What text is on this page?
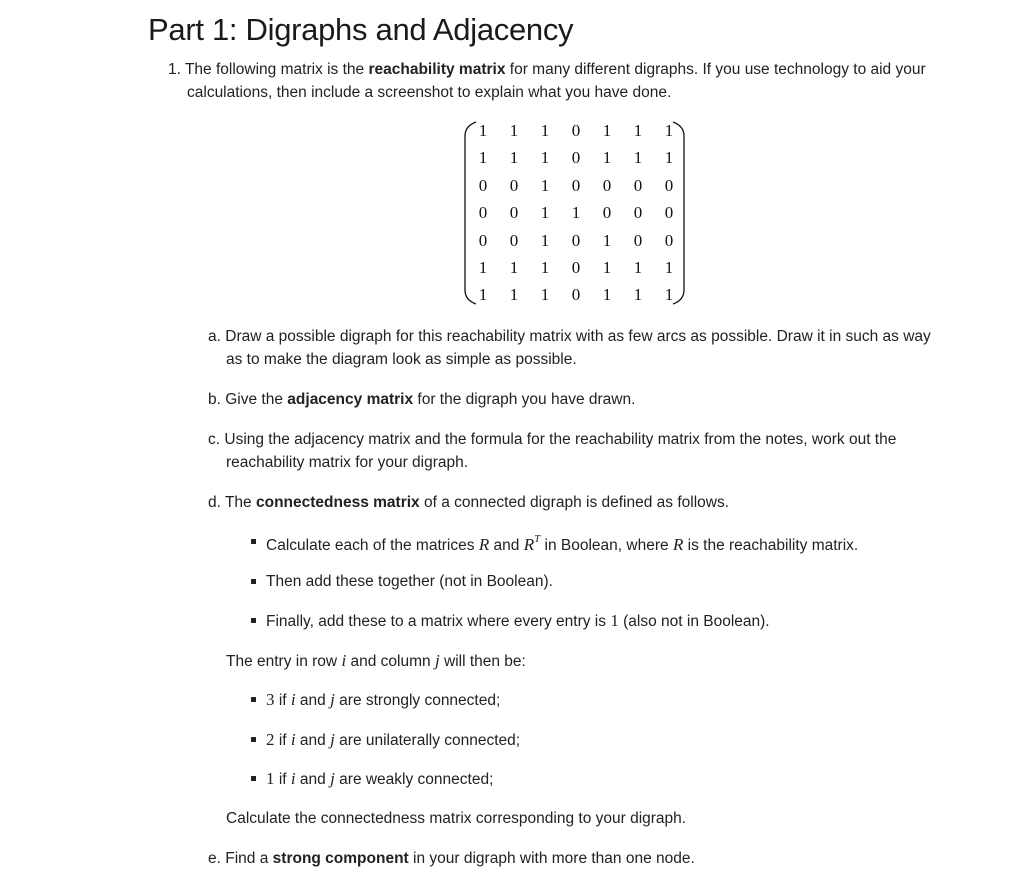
Part 1: Digraphs and Adjacency
1. The following matrix is the reachability matrix for many different digraphs. If you use technology to aid your
calculations, then include a screenshot to explain what you have done.
1	1	1	0	1	1	1
1	1	1	0	1	1	1
0	0	1	0	0	0	0
0	0	1	1	0	0	0
0	0	1	0	1	0	0
1	1	1	0	1	1	1
1	1	1	0	1	1	1
a. Draw a possible digraph for this reachability matrix with as few arcs as possible. Draw it in such as way
as to make the diagram look as simple as possible.
b. Give the adjacency matrix for the digraph you have drawn.
c. Using the adjacency matrix and the formula for the reachability matrix from the notes, work out the
reachability matrix for your digraph.
d. The connectedness matrix of a connected digraph is defined as follows.
Calculate each of the matrices R and $R^T$ in Boolean, where R is the reachability matrix.
Then add these together (not in Boolean).
Finally, add these to a matrix where every entry is 1 (also not in Boolean).
The entry in row i and column j will then be:
3 if i and j are strongly connected;
2 if i and j are unilaterally connected;
1 if i and j are weakly connected;
Calculate the connectedness matrix corresponding to your digraph.
e. Find a strong component in your digraph with more than one node.
